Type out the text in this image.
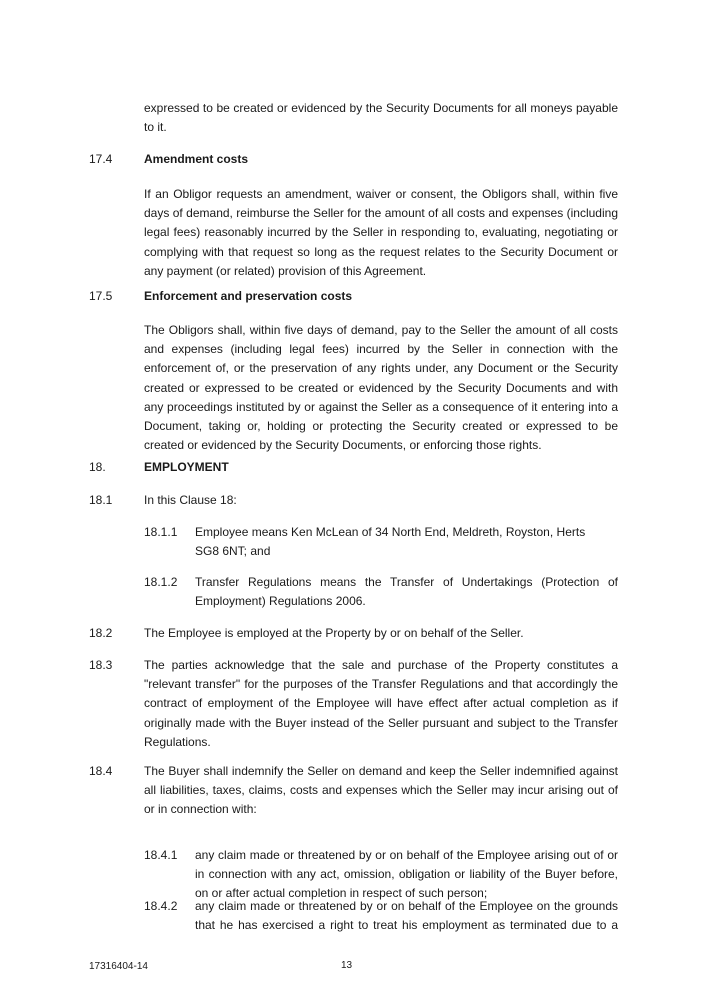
expressed to be created or evidenced by the Security Documents for all moneys payable to it.

17.4	Amendment costs

If an Obligor requests an amendment, waiver or consent, the Obligors shall, within five days of demand, reimburse the Seller for the amount of all costs and expenses (including legal fees) reasonably incurred by the Seller in responding to, evaluating, negotiating or complying with that request so long as the request relates to the Security Document or any payment (or related) provision of this Agreement.

17.5	Enforcement and preservation costs

The Obligors shall, within five days of demand, pay to the Seller the amount of all costs and expenses (including legal fees) incurred by the Seller in connection with the enforcement of, or the preservation of any rights under, any Document or the Security created or expressed to be created or evidenced by the Security Documents and with any proceedings instituted by or against the Seller as a consequence of it entering into a Document, taking or, holding or protecting the Security created or expressed to be created or evidenced by the Security Documents, or enforcing those rights.

18.	EMPLOYMENT
18.1	In this Clause 18:
18.1.1 Employee means Ken McLean of 34 North End, Meldreth, Royston, Herts SG8 6NT; and

18.1.2 Transfer Regulations means the Transfer of Undertakings (Protection of Employment) Regulations 2006.

18.2	The Employee is employed at the Property by or on behalf of the Seller.

18.3	The parties acknowledge that the sale and purchase of the Property constitutes a "relevant transfer" for the purposes of the Transfer Regulations and that accordingly the contract of employment of the Employee will have effect after actual completion as if originally made with the Buyer instead of the Seller pursuant and subject to the Transfer Regulations.

18.4	The Buyer shall indemnify the Seller on demand and keep the Seller indemnified against all liabilities, taxes, claims, costs and expenses which the Seller may incur arising out of or in connection with:

18.4.1 any claim made or threatened by or on behalf of the Employee arising out of or in connection with any act, omission, obligation or liability of the Buyer before, on or after actual completion in respect of such person;

18.4.2 any claim made or threatened by or on behalf of the Employee on the grounds that he has exercised a right to treat his employment as terminated due to a

17316404-14	13
